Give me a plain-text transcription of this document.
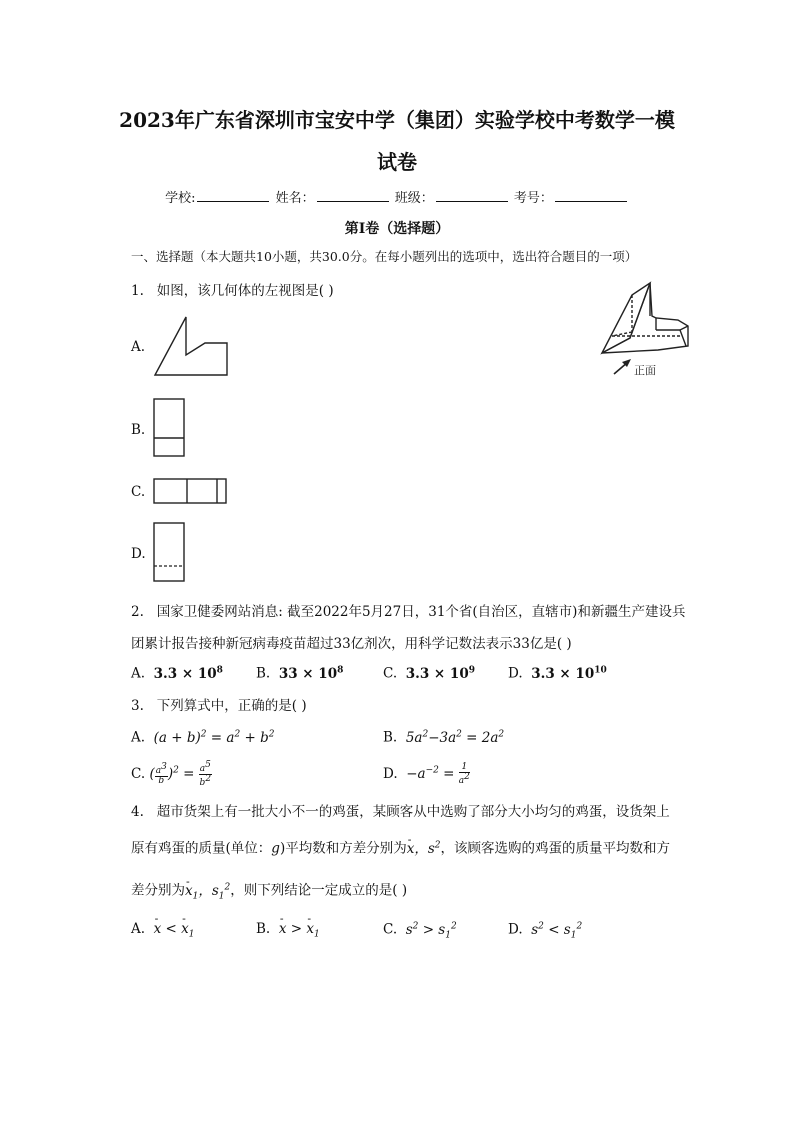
2023年广东省深圳市宝安中学（集团）实验学校中考数学一模
试卷
学校:	姓名：	班级：	考号：
第I卷（选择题）
一、选择题（本大题共10小题，共30.0分。在每小题列出的选项中，选出符合题目的一项）
1. 如图，该几何体的左视图是( )
正面
A.
B.
C.
D.
2. 国家卫健委网站消息: 截至2022年5月27日，31个省(自治区，直辖市)和新疆生产建设兵
团累计报告接种新冠病毒疫苗超过33亿剂次，用科学记数法表示33亿是( )
A. $3.3 \times 10^8$ B. $33 \times 10^8$	C. $3.3 \times 10^9$ D. $3.3 \times 10^{10}$
3. 下列算式中，正确的是( )
A. $(a + b)^2 = a^2 + b^2$	B. $5a^2-3a^2 = 2a^2$
C. ( $\frac{a^3}{b} )^2 = \frac{a^5}{b^2}$	D. $-a^{-2} = \frac{1}{a^2}$
4. 超市货架上有一批大小不一的鸡蛋，某顾客从中选购了部分大小均匀的鸡蛋，设货架上
原有鸡蛋的质量(单位：g)平均数和方差分别为- x，$s^2$，该顾客选购的鸡蛋的质量平均数和方
差分别为- $x_1$，$s_1^2$，则下列结论一定成立的是( )
A. - x < - $x_1$	B. - x > - $x_1$	C. $s^2 > s_1^2$	D. $s^2 < s_1^2$
